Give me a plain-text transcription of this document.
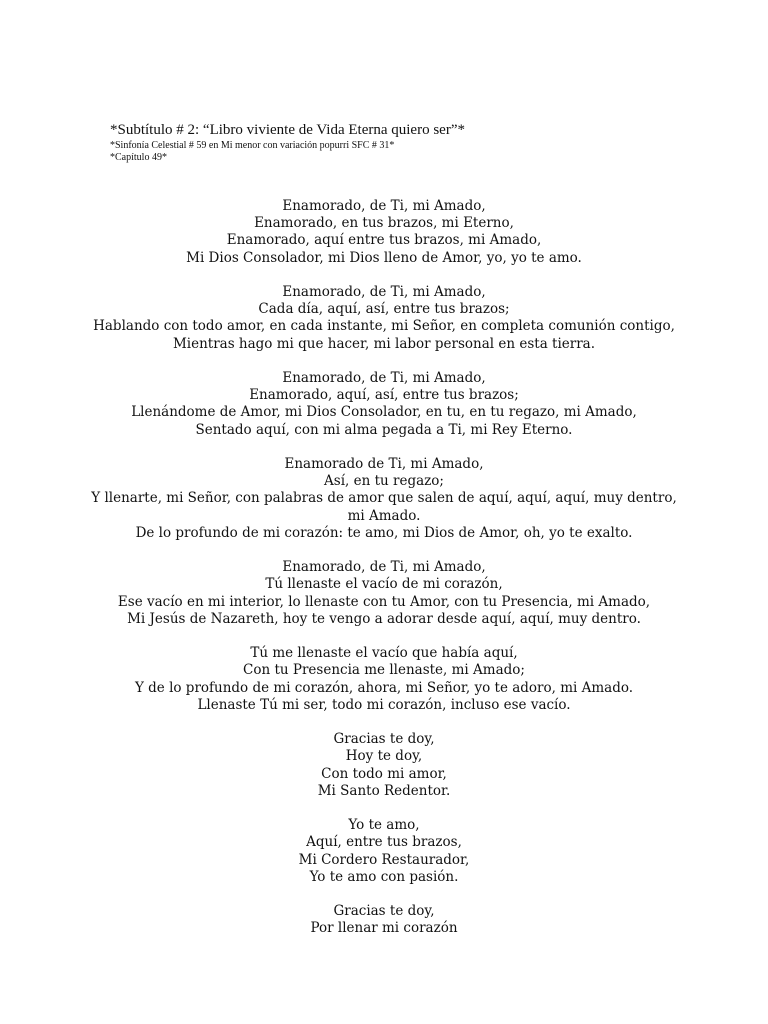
*Subtítulo # 2: “Libro viviente de Vida Eterna quiero ser”*
*Sinfonía Celestial # 59 en Mi menor con variación popurri SFC # 31*
*Capítulo 49*
Enamorado, de Ti, mi Amado,
Enamorado, en tus brazos, mi Eterno,
Enamorado, aquí entre tus brazos, mi Amado,
Mi Dios Consolador, mi Dios lleno de Amor, yo, yo te amo.
Enamorado, de Ti, mi Amado,
Cada día, aquí, así, entre tus brazos;
Hablando con todo amor, en cada instante, mi Señor, en completa comunión contigo,
Mientras hago mi que hacer, mi labor personal en esta tierra.
Enamorado, de Ti, mi Amado,
Enamorado, aquí, así, entre tus brazos;
Llenándome de Amor, mi Dios Consolador, en tu, en tu regazo, mi Amado,
Sentado aquí, con mi alma pegada a Ti, mi Rey Eterno.
Enamorado de Ti, mi Amado,
Así, en tu regazo;
Y llenarte, mi Señor, con palabras de amor que salen de aquí, aquí, aquí, muy dentro,
mi Amado.
De lo profundo de mi corazón: te amo, mi Dios de Amor, oh, yo te exalto.
Enamorado, de Ti, mi Amado,
Tú llenaste el vacío de mi corazón,
Ese vacío en mi interior, lo llenaste con tu Amor, con tu Presencia, mi Amado,
Mi Jesús de Nazareth, hoy te vengo a adorar desde aquí, aquí, muy dentro.
Tú me llenaste el vacío que había aquí,
Con tu Presencia me llenaste, mi Amado;
Y de lo profundo de mi corazón, ahora, mi Señor, yo te adoro, mi Amado.
Llenaste Tú mi ser, todo mi corazón, incluso ese vacío.
Gracias te doy,
Hoy te doy,
Con todo mi amor,
Mi Santo Redentor.
Yo te amo,
Aquí, entre tus brazos,
Mi Cordero Restaurador,
Yo te amo con pasión.
Gracias te doy,
Por llenar mi corazón
